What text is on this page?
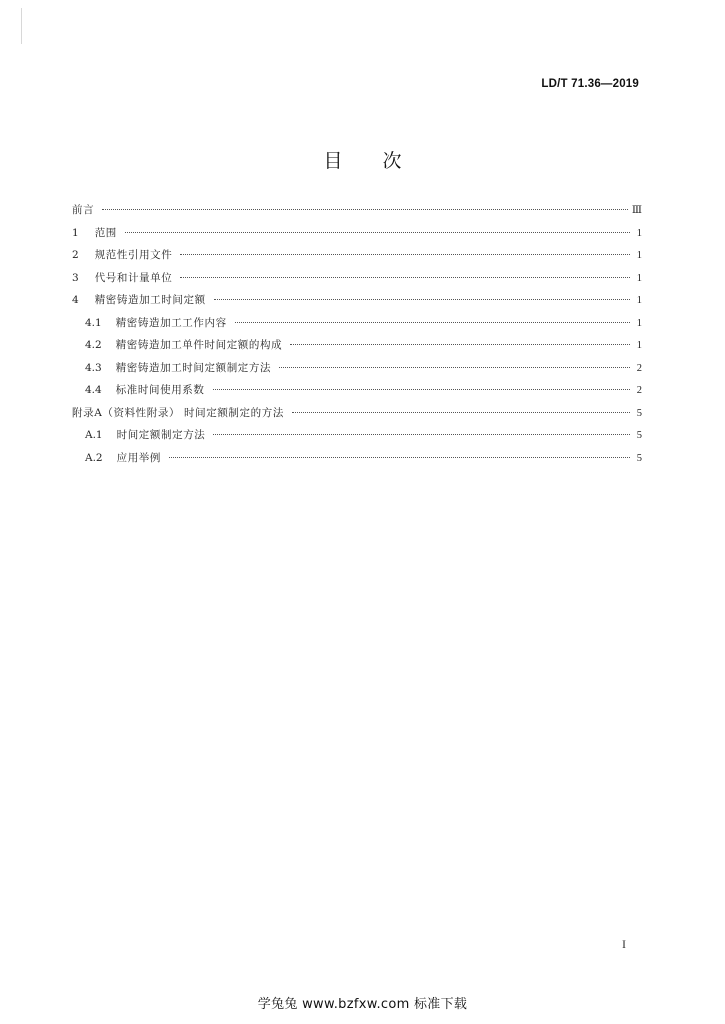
LD/T 71.36—2019
目次
前言	Ⅲ
1 范围	1
2 规范性引用文件	1
3 代号和计量单位	1
4 精密铸造加工时间定额	1
4.1 精密铸造加工工作内容	1
4.2 精密铸造加工单件时间定额的构成	1
4.3 精密铸造加工时间定额制定方法	2
4.4 标准时间使用系数	2
附录A（资料性附录） 时间定额制定的方法	5
A.1 时间定额制定方法	5
A.2 应用举例	5
I
学兔兔 www.bzfxw.com 标准下载
